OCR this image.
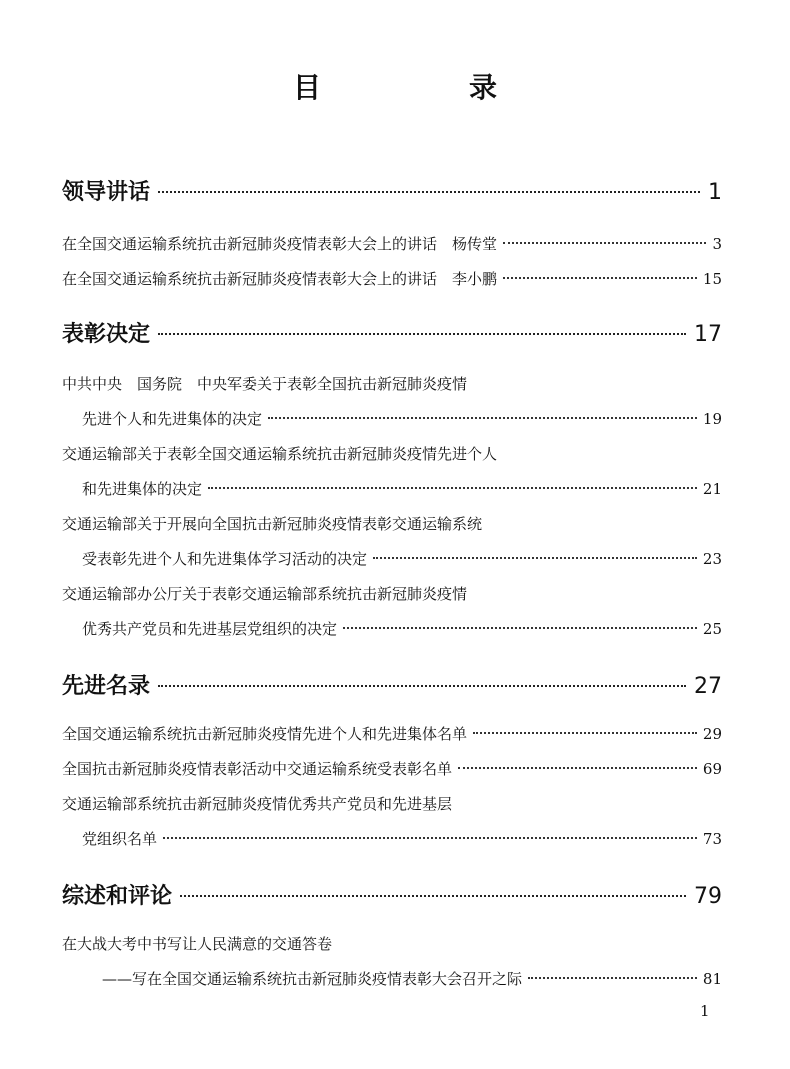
目　录
领导讲话	1
在全国交通运输系统抗击新冠肺炎疫情表彰大会上的讲话　杨传堂	3
在全国交通运输系统抗击新冠肺炎疫情表彰大会上的讲话　李小鹏	15
表彰决定	17
中共中央　国务院　中央军委关于表彰全国抗击新冠肺炎疫情
先进个人和先进集体的决定	19
交通运输部关于表彰全国交通运输系统抗击新冠肺炎疫情先进个人
和先进集体的决定	21
交通运输部关于开展向全国抗击新冠肺炎疫情表彰交通运输系统
受表彰先进个人和先进集体学习活动的决定	23
交通运输部办公厅关于表彰交通运输部系统抗击新冠肺炎疫情
优秀共产党员和先进基层党组织的决定	25
先进名录	27
全国交通运输系统抗击新冠肺炎疫情先进个人和先进集体名单	29
全国抗击新冠肺炎疫情表彰活动中交通运输系统受表彰名单	69
交通运输部系统抗击新冠肺炎疫情优秀共产党员和先进基层
党组织名单	73
综述和评论	79
在大战大考中书写让人民满意的交通答卷
——写在全国交通运输系统抗击新冠肺炎疫情表彰大会召开之际	81
1
